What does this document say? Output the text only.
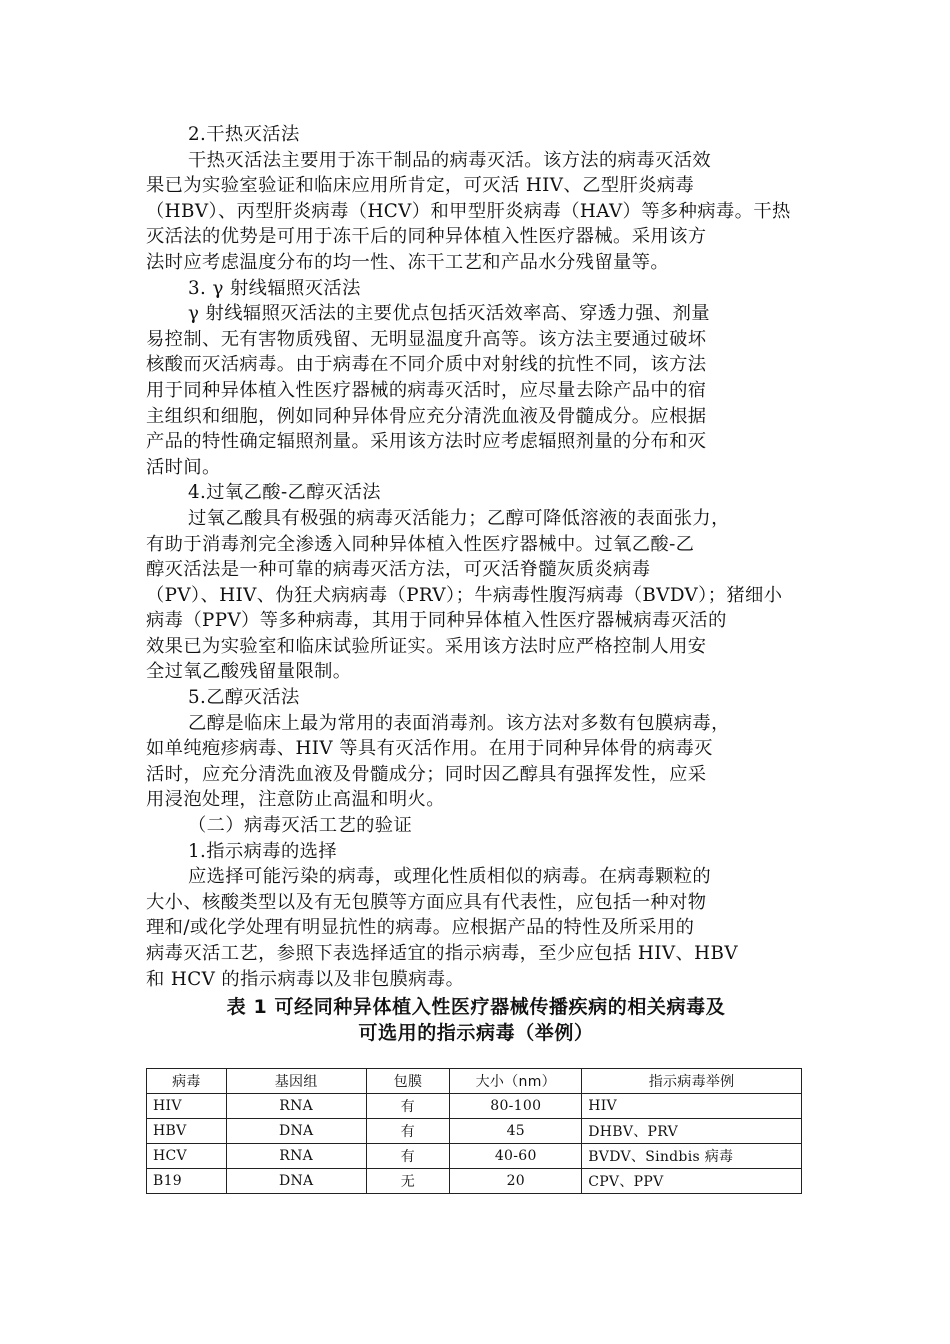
2.干热灭活法
干热灭活法主要用于冻干制品的病毒灭活。该方法的病毒灭活效
果已为实验室验证和临床应用所肯定，可灭活 HIV、乙型肝炎病毒
（HBV）、丙型肝炎病毒（HCV）和甲型肝炎病毒（HAV）等多种病毒。干热
灭活法的优势是可用于冻干后的同种异体植入性医疗器械。采用该方
法时应考虑温度分布的均一性、冻干工艺和产品水分残留量等。
3. γ 射线辐照灭活法
γ 射线辐照灭活法的主要优点包括灭活效率高、穿透力强、剂量
易控制、无有害物质残留、无明显温度升高等。该方法主要通过破坏
核酸而灭活病毒。由于病毒在不同介质中对射线的抗性不同，该方法
用于同种异体植入性医疗器械的病毒灭活时，应尽量去除产品中的宿
主组织和细胞，例如同种异体骨应充分清洗血液及骨髓成分。应根据
产品的特性确定辐照剂量。采用该方法时应考虑辐照剂量的分布和灭
活时间。
4.过氧乙酸-乙醇灭活法
过氧乙酸具有极强的病毒灭活能力；乙醇可降低溶液的表面张力，
有助于消毒剂完全渗透入同种异体植入性医疗器械中。过氧乙酸-乙
醇灭活法是一种可靠的病毒灭活方法，可灭活脊髓灰质炎病毒
（PV）、HIV、伪狂犬病病毒（PRV）；牛病毒性腹泻病毒（BVDV）；猪细小
病毒（PPV）等多种病毒，其用于同种异体植入性医疗器械病毒灭活的
效果已为实验室和临床试验所证实。采用该方法时应严格控制人用安
全过氧乙酸残留量限制。
5.乙醇灭活法
乙醇是临床上最为常用的表面消毒剂。该方法对多数有包膜病毒，
如单纯疱疹病毒、HIV 等具有灭活作用。在用于同种异体骨的病毒灭
活时，应充分清洗血液及骨髓成分；同时因乙醇具有强挥发性，应采
用浸泡处理，注意防止高温和明火。
（二）病毒灭活工艺的验证
1.指示病毒的选择
应选择可能污染的病毒，或理化性质相似的病毒。在病毒颗粒的
大小、核酸类型以及有无包膜等方面应具有代表性，应包括一种对物
理和/或化学处理有明显抗性的病毒。应根据产品的特性及所采用的
病毒灭活工艺，参照下表选择适宜的指示病毒，至少应包括 HIV、HBV
和 HCV 的指示病毒以及非包膜病毒。
表 1 可经同种异体植入性医疗器械传播疾病的相关病毒及
可选用的指示病毒（举例）
病毒	基因组	包膜	大小（nm）	指示病毒举例
HIV	RNA	有	80-100	HIV
HBV	DNA	有	45	DHBV、PRV
HCV	RNA	有	40-60	BVDV、Sindbis 病毒
B19	DNA	无	20	CPV、PPV
